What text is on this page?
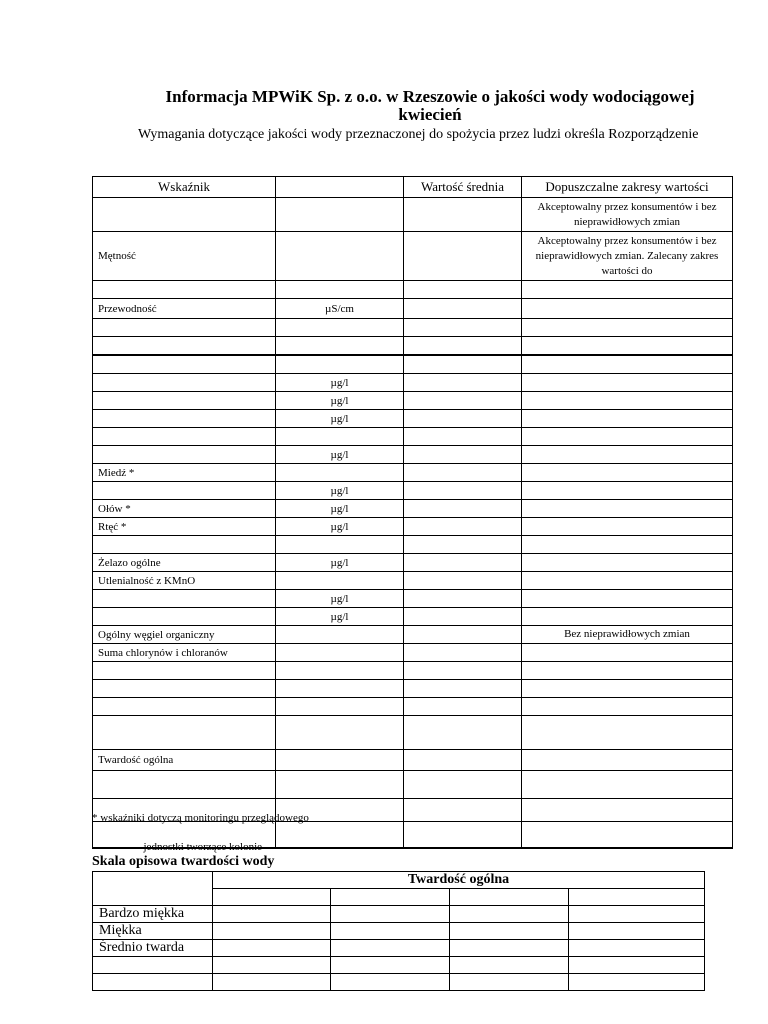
Informacja MPWiK Sp. z o.o. w Rzeszowie o jakości wody wodociągowej
kwiecień
Wymagania dotyczące jakości wody przeznaczonej do spożycia przez ludzi określa Rozporządzenie
Wskaźnik		Wartość średnia	Dopuszczalne zakresy wartości
			Akceptowalny przez konsumentów i bez nieprawidłowych zmian
Mętność			Akceptowalny przez konsumentów i bez nieprawidłowych zmian. Zalecany zakres wartości do

Przewodność	µS/cm		

	µg/l		
	µg/l		
	µg/l		

	µg/l		
Miedź *			
	µg/l		
Ołów *	µg/l		
Rtęć *	µg/l		

Żelazo ogólne	µg/l		
Utlenialność z KMnO			
	µg/l		
	µg/l		
Ogólny węgiel organiczny			Bez nieprawidłowych zmian
Suma chlorynów i chloranów			

Twardość ogólna			

* wskaźniki dotyczą monitoringu przeglądowego
–jednostki tworzące kolonie
Skala opisowa twardości wody
	Twardość ogólna			

Bardzo miękka				
Miękka				
Średnio twarda				
